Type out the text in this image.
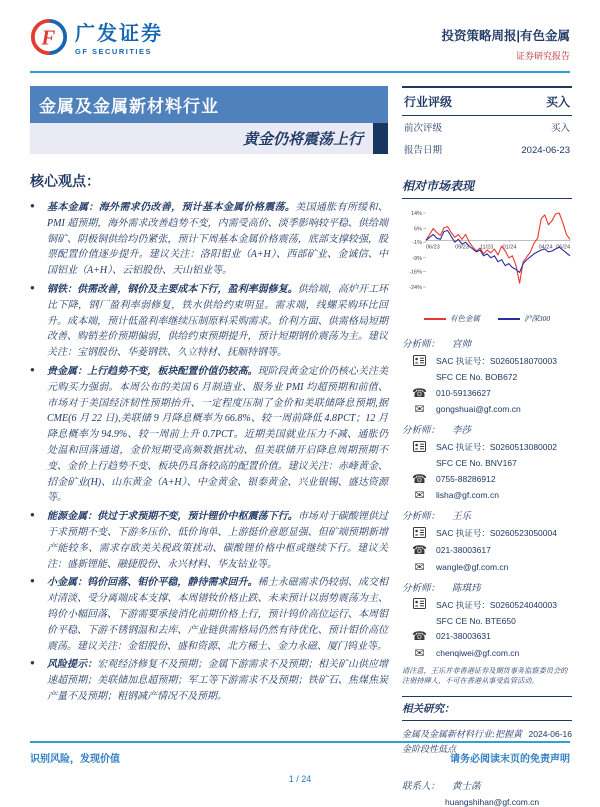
F 广发证券
GF SECURITIES
投资策略周报|有色金属
证券研究报告
金属及金属新材料行业
黄金仍将震荡上行
核心观点：
● 基本金属：海外需求仍改善，预计基本金属价格震荡。美国通胀有所缓和、PMI 超预期，海外需求改善趋势不变，内需受高价、淡季影响较平稳、供给端铜矿、阴极铜供给均仍紧张，预计下周基本金属价格震荡，底部支撑较强，股票配置价值逐步提升。建议关注：洛阳钼业（A+H）、西部矿业、金诚信、中国铝业（A+H）、云铝股份、天山铝业等。
● 钢铁：供需改善，钢价及主要成本下行，盈利率弱修复。供给端，高炉开工环比下降，钢厂盈利率弱修复，铁水供给约束明显。需求端，线螺采购环比回升。成本端，预计低盈利率继续压制原料采购需求。价利方面、供需格局短期改善、购销差价预期偏弱，供给约束预期提升，预计短期钢价震荡为主。建议关注：宝钢股份、华菱钢铁、久立特材、抚顺特钢等。
● 贵金属：上行趋势不变，板块配置价值仍较高。现阶段黄金定价仍核心关注美元购买力强弱。本周公布的美国 6 月制造业、服务业 PMI 均超预期和前值、市场对于美国经济韧性预期抬升、一定程度压制了金价和美联储降息预期,据 CME(6 月 22 日),美联储 9 月降息概率为 66.8%、较一周前降低 4.8PCT；12 月降息概率为 94.9%、较一周前上升 0.7PCT。近期美国就业压力不减、通胀仍处温和回落通道，金价短期受高频数据扰动、但美联储开启降息周期预期不变、金价上行趋势不变、板块仍具备较高的配置价值。建议关注：赤峰黄金、招金矿业(H)、山东黄金（A+H）、中金黄金、银泰黄金、兴业银锡、盛达资源等。
● 能源金属：供过于求预期不变，预计锂价中枢震荡下行。市场对于碳酸锂供过于求预期不变、下游多压价、低价询单、上游挺价意愿显强、但矿端预期新增产能较多、需求存欧美关税政策扰动、碳酸锂价格中枢或继续下行。建议关注：盛新锂能、融捷股份、永兴材料、华友钴业等。
● 小金属：钨价回落、钼价平稳，静待需求回升。稀土永磁需求仍较弱、成交相对清淡、受分离端成本支撑、本周镨钕价格止跌、未来预计以弱势震荡为主、钨价小幅回落、下游需要承接消化前期价格上行，预计钨价高位运行、本周钼价平稳、下游不锈钢温和去库、产业链供需格局仍然有待优化、预计钼价高位震荡。建议关注：金钼股份、盛和资源、北方稀土、金力永磁、厦门钨业等。
● 风险提示：宏观经济修复不及预期；金属下游需求不及预期；相关矿山供应增速超预期；美联储加息超预期；军工等下游需求不及预期；铁矿石、焦煤焦炭产量不及预期；粗钢减产情况不及预期。
行业评级	买入
前次评级	买入
报告日期	2024-06-23
相对市场表现
14%
6%
-1%
-9%
-16%
-24%
06/23	09/23 11/23 01/24	04/24 06/24
有色金属	沪深300
分析师： 宫帅
SAC 执证号：S0260518070003
SFC CE No. BOB672
☎ 010-59136627
✉	gongshuai@gf.com.cn
分析师： 李莎
SAC 执证号：S0260513080002
SFC CE No. BNV167
☎ 0755-88286912
✉	lisha@gf.com.cn
分析师： 王乐
SAC 执证号：S0260523050004
☎ 021-38003617
✉	wangle@gf.com.cn
分析师： 陈琪玮
SAC 执证号：S0260524040003
SFC CE No. BTE650
☎ 021-38003631
✉	chenqiwei@gf.com.cn
请注意，王乐并非香港证券及期货事务监察委员会的注册持牌人，不可在香港从事受监管活动。
相关研究：
金属及金属新材料行业:把握黄金阶段性低点
2024-06-16
联系人： 黄士菡
huangshihan@gf.com.cn
识别风险，发现价值	请务必阅读末页的免责声明
1 / 24
